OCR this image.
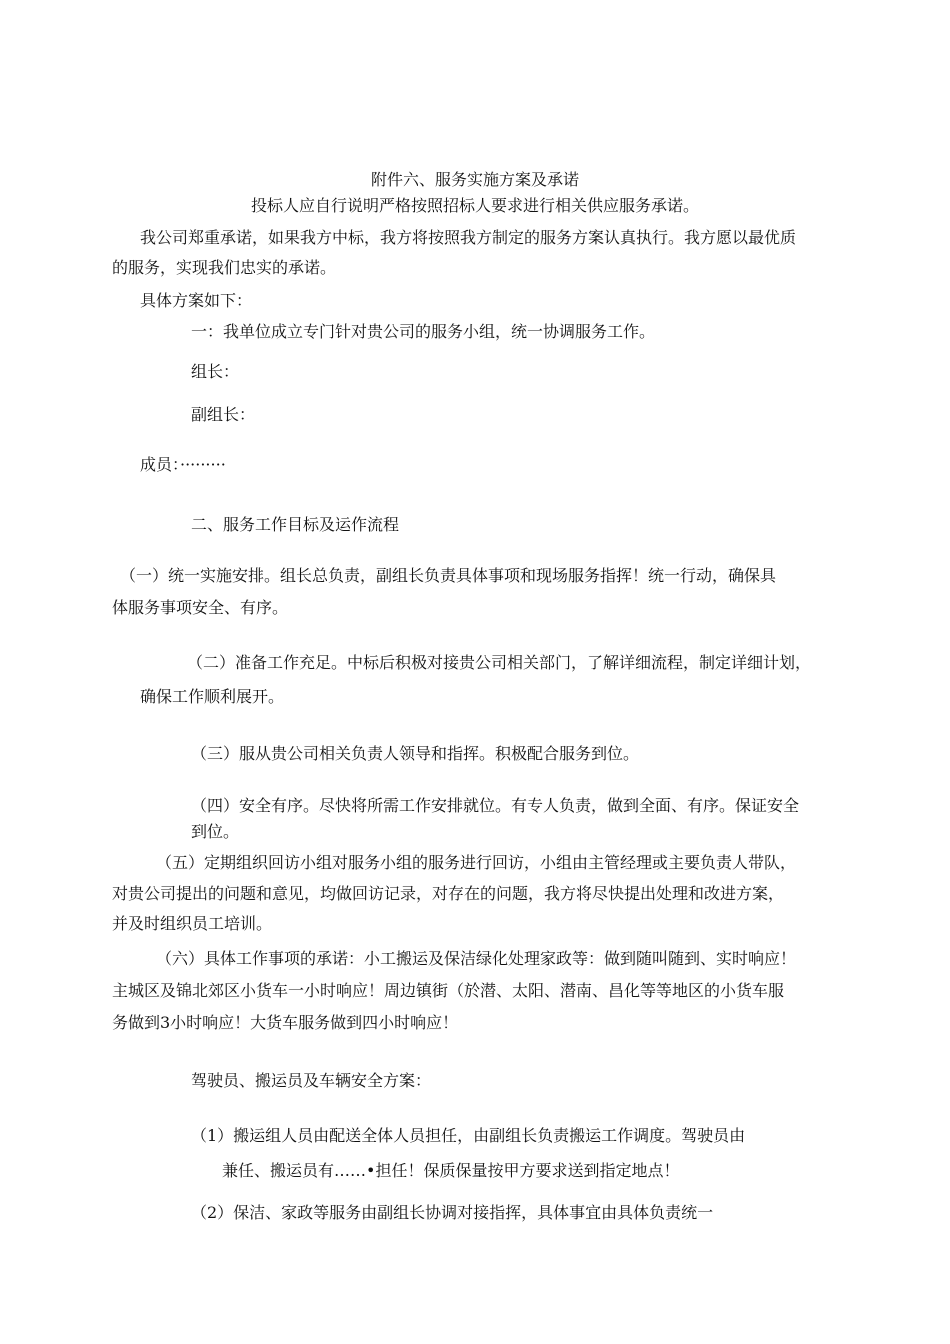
附件六、服务实施方案及承诺

投标人应自行说明严格按照招标人要求进行相关供应服务承诺。

我公司郑重承诺，如果我方中标，我方将按照我方制定的服务方案认真执行。我方愿以最优质

的服务，实现我们忠实的承诺。

具体方案如下：

一：我单位成立专门针对贵公司的服务小组，统一协调服务工作。

组长：

副组长：

成员：·········

二、服务工作目标及运作流程

（一）统一实施安排。组长总负责，副组长负责具体事项和现场服务指挥！统一行动，确保具

体服务事项安全、有序。

（二）准备工作充足。中标后积极对接贵公司相关部门，了解详细流程，制定详细计划，

确保工作顺利展开。

（三）服从贵公司相关负责人领导和指挥。积极配合服务到位。

（四）安全有序。尽快将所需工作安排就位。有专人负责，做到全面、有序。保证安全

到位。

（五）定期组织回访小组对服务小组的服务进行回访，小组由主管经理或主要负责人带队，

对贵公司提出的问题和意见，均做回访记录，对存在的问题，我方将尽快提出处理和改进方案，

并及时组织员工培训。

（六）具体工作事项的承诺：小工搬运及保洁绿化处理家政等：做到随叫随到、实时响应！

主城区及锦北郊区小货车一小时响应！周边镇街（於潜、太阳、潜南、昌化等等地区的小货车服

务做到3小时响应！大货车服务做到四小时响应！

驾驶员、搬运员及车辆安全方案：

（1）搬运组人员由配送全体人员担任，由副组长负责搬运工作调度。驾驶员由

兼任、搬运员有……•担任！保质保量按甲方要求送到指定地点！

（2）保洁、家政等服务由副组长协调对接指挥，具体事宜由具体负责统一
